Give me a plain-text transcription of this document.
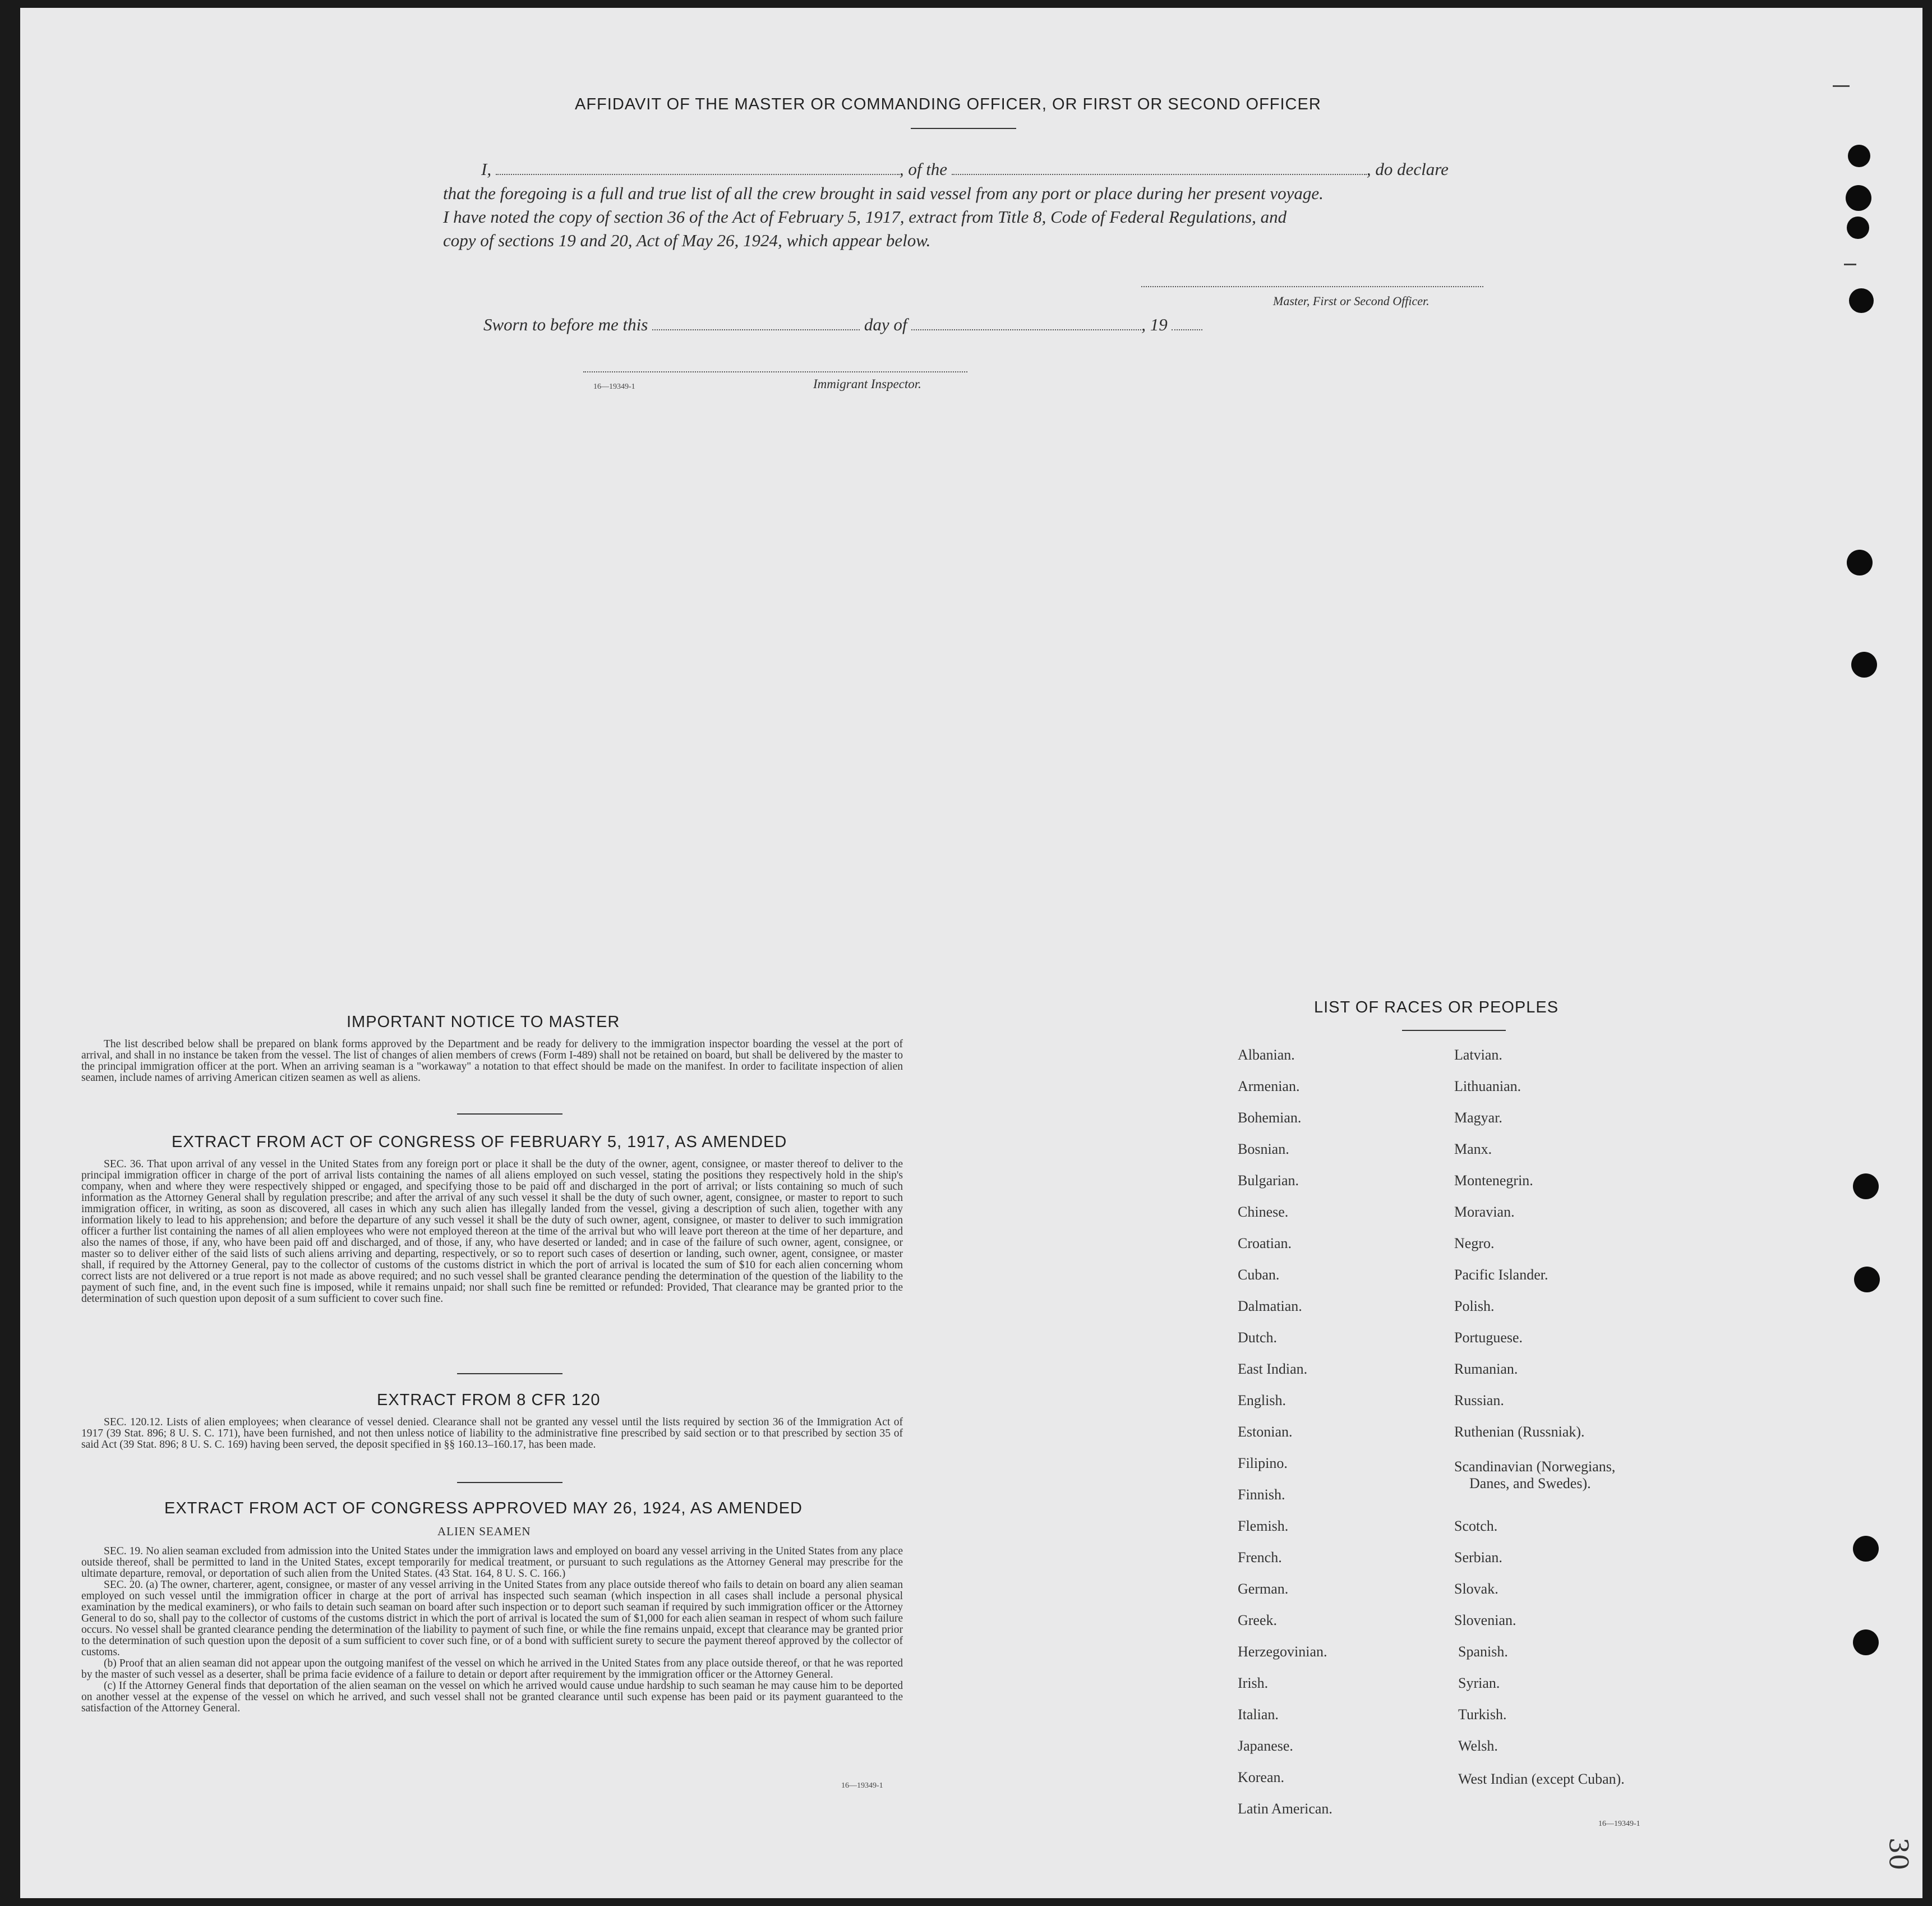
AFFIDAVIT OF THE MASTER OR COMMANDING OFFICER, OR FIRST OR SECOND OFFICER
I,	, of the	, do declare
that the foregoing is a full and true list of all the crew brought in said vessel from any port or place during her present voyage.
I have noted the copy of section 36 of the Act of February 5, 1917, extract from Title 8, Code of Federal Regulations, and
copy of sections 19 and 20, Act of May 26, 1924, which appear below.
Master, First or Second Officer.
Sworn to before me this	day of	, 19
16—19349-1	Immigrant Inspector.
IMPORTANT NOTICE TO MASTER

The list described below shall be prepared on blank forms approved by the Department and be ready for delivery to the immigration inspector boarding the vessel at the port of arrival, and shall in no instance be taken from the vessel. The list of changes of alien members of crews (Form I-489) shall not be retained on board, but shall be delivered by the master to the principal immigration officer at the port. When an arriving seaman is a "workaway" a notation to that effect should be made on the manifest. In order to facilitate inspection of alien seamen, include names of arriving American citizen seamen as well as aliens.

EXTRACT FROM ACT OF CONGRESS OF FEBRUARY 5, 1917, AS AMENDED

SEC. 36. That upon arrival of any vessel in the United States from any foreign port or place it shall be the duty of the owner, agent, consignee, or master thereof to deliver to the principal immigration officer in charge of the port of arrival lists containing the names of all aliens employed on such vessel, stating the positions they respectively hold in the ship's company, when and where they were respectively shipped or engaged, and specifying those to be paid off and discharged in the port of arrival; or lists containing so much of such information as the Attorney General shall by regulation prescribe; and after the arrival of any such vessel it shall be the duty of such owner, agent, consignee, or master to report to such immigration officer, in writing, as soon as discovered, all cases in which any such alien has illegally landed from the vessel, giving a description of such alien, together with any information likely to lead to his apprehension; and before the departure of any such vessel it shall be the duty of such owner, agent, consignee, or master to deliver to such immigration officer a further list containing the names of all alien employees who were not employed thereon at the time of the arrival but who will leave port thereon at the time of her departure, and also the names of those, if any, who have been paid off and discharged, and of those, if any, who have deserted or landed; and in case of the failure of such owner, agent, consignee, or master so to deliver either of the said lists of such aliens arriving and departing, respectively, or so to report such cases of desertion or landing, such owner, agent, consignee, or master shall, if required by the Attorney General, pay to the collector of customs of the customs district in which the port of arrival is located the sum of $10 for each alien concerning whom correct lists are not delivered or a true report is not made as above required; and no such vessel shall be granted clearance pending the determination of the question of the liability to the payment of such fine, and, in the event such fine is imposed, while it remains unpaid; nor shall such fine be remitted or refunded: Provided, That clearance may be granted prior to the determination of such question upon deposit of a sum sufficient to cover such fine.

EXTRACT FROM 8 CFR 120

SEC. 120.12. Lists of alien employees; when clearance of vessel denied. Clearance shall not be granted any vessel until the lists required by section 36 of the Immigration Act of 1917 (39 Stat. 896; 8 U. S. C. 171), have been furnished, and not then unless notice of liability to the administrative fine prescribed by said section or to that prescribed by section 35 of said Act (39 Stat. 896; 8 U. S. C. 169) having been served, the deposit specified in §§ 160.13–160.17, has been made.

EXTRACT FROM ACT OF CONGRESS APPROVED MAY 26, 1924, AS AMENDED
ALIEN SEAMEN

SEC. 19. No alien seaman excluded from admission into the United States under the immigration laws and employed on board any vessel arriving in the United States from any place outside thereof, shall be permitted to land in the United States, except temporarily for medical treatment, or pursuant to such regulations as the Attorney General may prescribe for the ultimate departure, removal, or deportation of such alien from the United States. (43 Stat. 164, 8 U. S. C. 166.)

SEC. 20. (a) The owner, charterer, agent, consignee, or master of any vessel arriving in the United States from any place outside thereof who fails to detain on board any alien seaman employed on such vessel until the immigration officer in charge at the port of arrival has inspected such seaman (which inspection in all cases shall include a personal physical examination by the medical examiners), or who fails to detain such seaman on board after such inspection or to deport such seaman if required by such immigration officer or the Attorney General to do so, shall pay to the collector of customs of the customs district in which the port of arrival is located the sum of $1,000 for each alien seaman in respect of whom such failure occurs. No vessel shall be granted clearance pending the determination of the liability to payment of such fine, or while the fine remains unpaid, except that clearance may be granted prior to the determination of such question upon the deposit of a sum sufficient to cover such fine, or of a bond with sufficient surety to secure the payment thereof approved by the collector of customs.

(b) Proof that an alien seaman did not appear upon the outgoing manifest of the vessel on which he arrived in the United States from any place outside thereof, or that he was reported by the master of such vessel as a deserter, shall be prima facie evidence of a failure to detain or deport after requirement by the immigration officer or the Attorney General.

(c) If the Attorney General finds that deportation of the alien seaman on the vessel on which he arrived would cause undue hardship to such seaman he may cause him to be deported on another vessel at the expense of the vessel on which he arrived, and such vessel shall not be granted clearance until such expense has been paid or its payment guaranteed to the satisfaction of the Attorney General.

16—19349-1
LIST OF RACES OR PEOPLES
Albanian.
Armenian.
Bohemian.
Bosnian.
Bulgarian.
Chinese.
Croatian.
Cuban.
Dalmatian.
Dutch.
East Indian.
English.
Estonian.
Filipino.
Finnish.
Flemish.
French.
German.
Greek.
Herzegovinian.
Irish.
Italian.
Japanese.
Korean.
Latin American.
Latvian.
Lithuanian.
Magyar.
Manx.
Montenegrin.
Moravian.
Negro.
Pacific Islander.
Polish.
Portuguese.
Rumanian.
Russian.
Ruthenian (Russniak).
Scandinavian (Norwegians,
Danes, and Swedes).
Scotch.
Serbian.
Slovak.
Slovenian.
Spanish.
Syrian.
Turkish.
Welsh.
West Indian (except Cuban).
16—19349-1
30
